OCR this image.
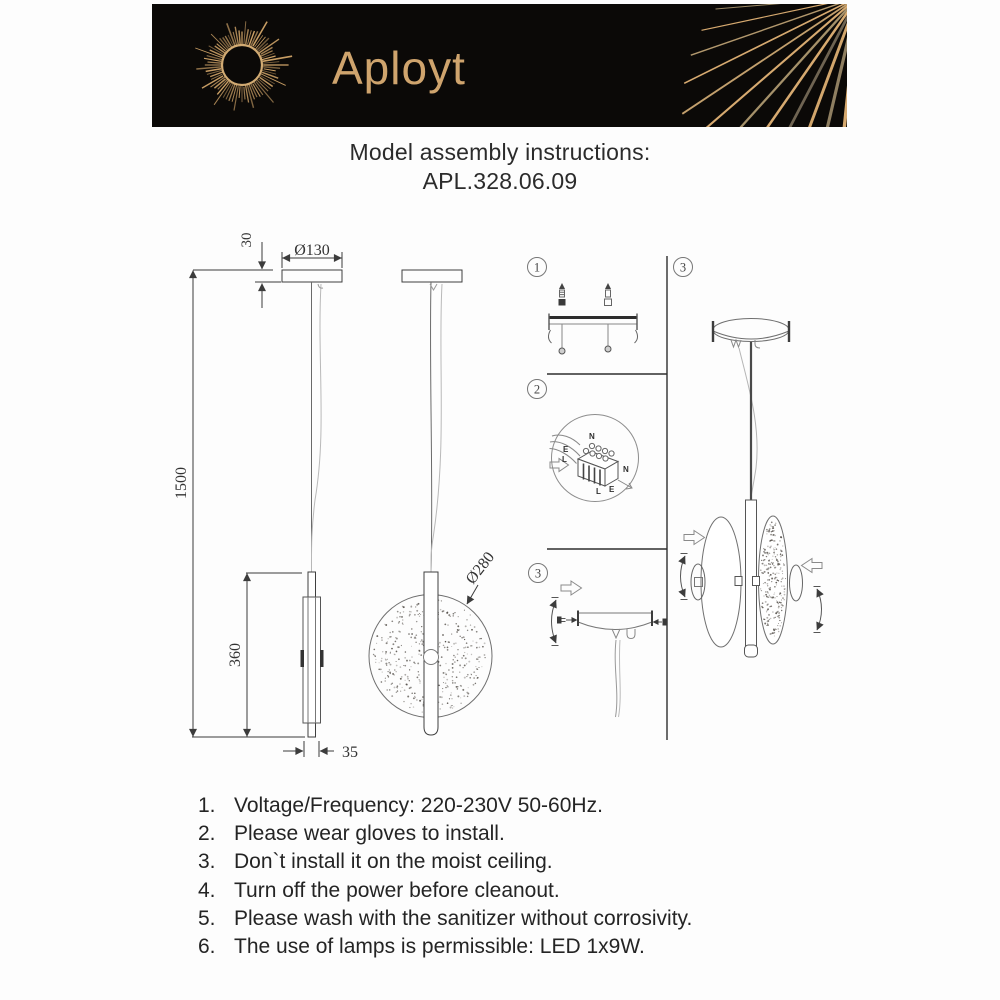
Aployt
Model assembly instructions:
APL.328.06.09
30
Ø130
1500
360
35
Ø280
1
2
3
3
N
E
L
N
L E
1. Voltage/Frequency: 220-230V 50-60Hz.
2. Please wear gloves to install.
3. Don`t install it on the moist ceiling.
4. Turn off the power before cleanout.
5. Please wash with the sanitizer without corrosivity.
6. The use of lamps is permissible: LED 1x9W.
